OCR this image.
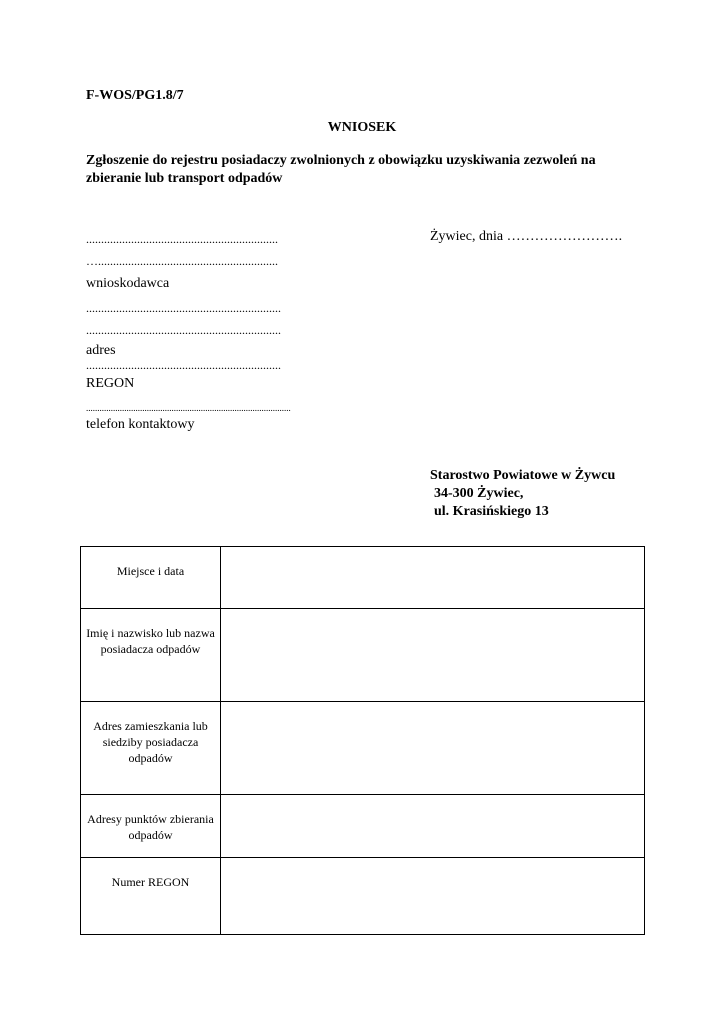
F-WOS/PG1.8/7
WNIOSEK
Zgłoszenie do rejestru posiadaczy zwolnionych z obowiązku uzyskiwania zezwoleń na zbieranie lub transport odpadów
................................................................
…............................................................
wnioskodawca
.................................................................
.................................................................
adres
.................................................................
REGON
...........................................................................................
telefon kontaktowy
Żywiec, dnia …………………….
Starostwo Powiatowe w Żywcu
34-300 Żywiec,
ul. Krasińskiego 13
Miejsce i data	
Imię i nazwisko lub nazwa posiadacza odpadów	
Adres zamieszkania lub siedziby posiadacza odpadów	
Adresy punktów zbierania odpadów	
Numer REGON	
